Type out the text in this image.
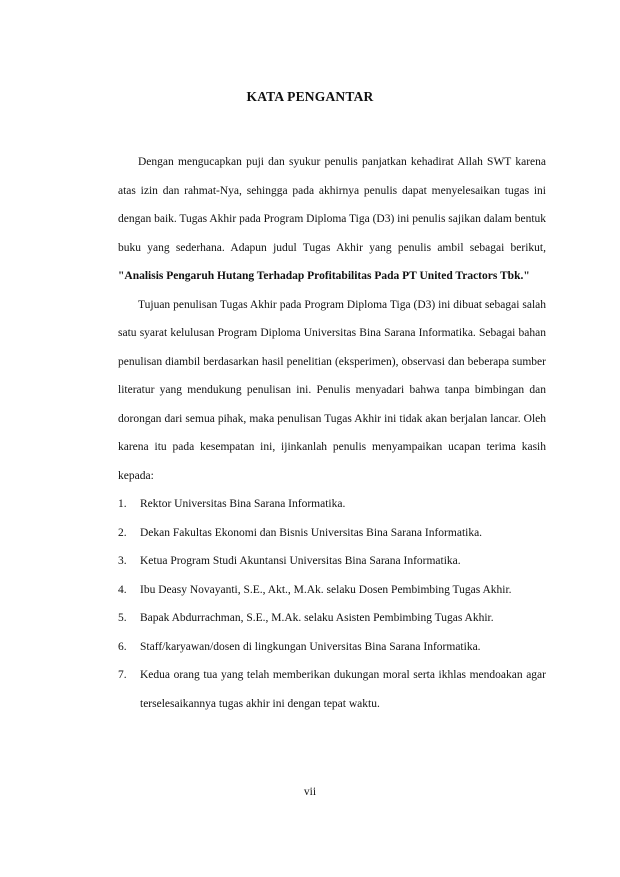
KATA PENGANTAR

Dengan mengucapkan puji dan syukur penulis panjatkan kehadirat Allah SWT karena atas izin dan rahmat-Nya, sehingga pada akhirnya penulis dapat menyelesaikan tugas ini dengan baik. Tugas Akhir pada Program Diploma Tiga (D3) ini penulis sajikan dalam bentuk buku yang sederhana. Adapun judul Tugas Akhir yang penulis ambil sebagai berikut, "Analisis Pengaruh Hutang Terhadap Profitabilitas Pada PT United Tractors Tbk."

Tujuan penulisan Tugas Akhir pada Program Diploma Tiga (D3) ini dibuat sebagai salah satu syarat kelulusan Program Diploma Universitas Bina Sarana Informatika. Sebagai bahan penulisan diambil berdasarkan hasil penelitian (eksperimen), observasi dan beberapa sumber literatur yang mendukung penulisan ini. Penulis menyadari bahwa tanpa bimbingan dan dorongan dari semua pihak, maka penulisan Tugas Akhir ini tidak akan berjalan lancar. Oleh karena itu pada kesempatan ini, ijinkanlah penulis menyampaikan ucapan terima kasih kepada:

1. Rektor Universitas Bina Sarana Informatika.
2. Dekan Fakultas Ekonomi dan Bisnis Universitas Bina Sarana Informatika.
3. Ketua Program Studi Akuntansi Universitas Bina Sarana Informatika.
4. Ibu Deasy Novayanti, S.E., Akt., M.Ak. selaku Dosen Pembimbing Tugas Akhir.
5. Bapak Abdurrachman, S.E., M.Ak. selaku Asisten Pembimbing Tugas Akhir.
6. Staff/karyawan/dosen di lingkungan Universitas Bina Sarana Informatika.
7. Kedua orang tua yang telah memberikan dukungan moral serta ikhlas mendoakan agar terselesaikannya tugas akhir ini dengan tepat waktu.
vii
